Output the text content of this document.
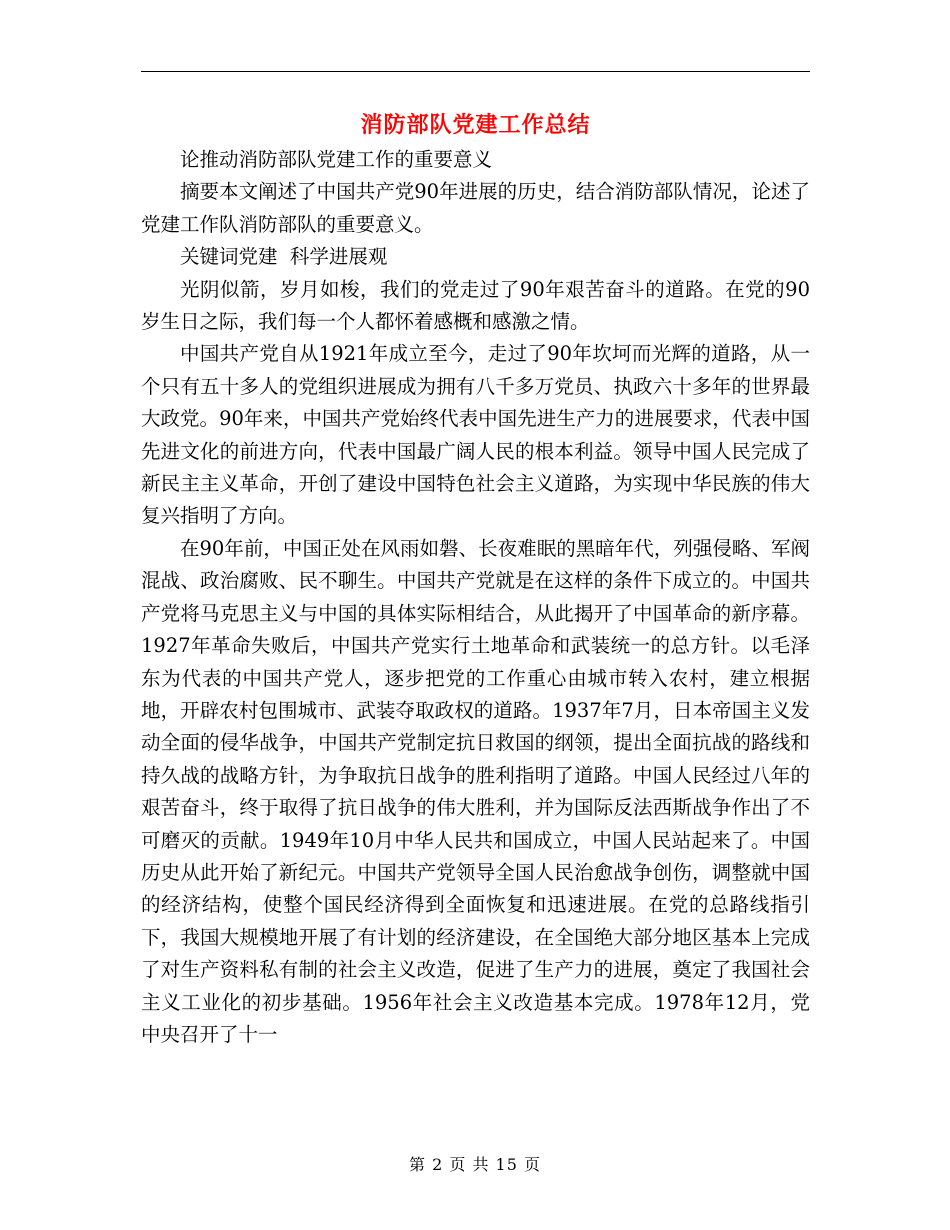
消防部队党建工作总结

论推动消防部队党建工作的重要意义

摘要本文阐述了中国共产党90年进展的历史，结合消防部队情况，论述了党建工作队消防部队的重要意义。

关键词党建  科学进展观

光阴似箭，岁月如梭，我们的党走过了90年艰苦奋斗的道路。在党的90岁生日之际，我们每一个人都怀着感概和感激之情。

中国共产党自从1921年成立至今，走过了90年坎坷而光辉的道路，从一个只有五十多人的党组织进展成为拥有八千多万党员、执政六十多年的世界最大政党。90年来，中国共产党始终代表中国先进生产力的进展要求，代表中国先进文化的前进方向，代表中国最广阔人民的根本利益。领导中国人民完成了新民主主义革命，开创了建设中国特色社会主义道路，为实现中华民族的伟大复兴指明了方向。

在90年前，中国正处在风雨如磐、长夜难眠的黑暗年代，列强侵略、军阀混战、政治腐败、民不聊生。中国共产党就是在这样的条件下成立的。中国共产党将马克思主义与中国的具体实际相结合，从此揭开了中国革命的新序幕。1927年革命失败后，中国共产党实行土地革命和武装统一的总方针。以毛泽东为代表的中国共产党人，逐步把党的工作重心由城市转入农村，建立根据地，开辟农村包围城市、武装夺取政权的道路。1937年7月，日本帝国主义发动全面的侵华战争，中国共产党制定抗日救国的纲领，提出全面抗战的路线和持久战的战略方针，为争取抗日战争的胜利指明了道路。中国人民经过八年的艰苦奋斗，终于取得了抗日战争的伟大胜利，并为国际反法西斯战争作出了不可磨灭的贡献。1949年10月中华人民共和国成立，中国人民站起来了。中国历史从此开始了新纪元。中国共产党领导全国人民治愈战争创伤，调整就中国的经济结构，使整个国民经济得到全面恢复和迅速进展。在党的总路线指引下，我国大规模地开展了有计划的经济建设，在全国绝大部分地区基本上完成了对生产资料私有制的社会主义改造，促进了生产力的进展，奠定了我国社会主义工业化的初步基础。1956年社会主义改造基本完成。1978年12月，党中央召开了十一

第 2 页 共 15 页
